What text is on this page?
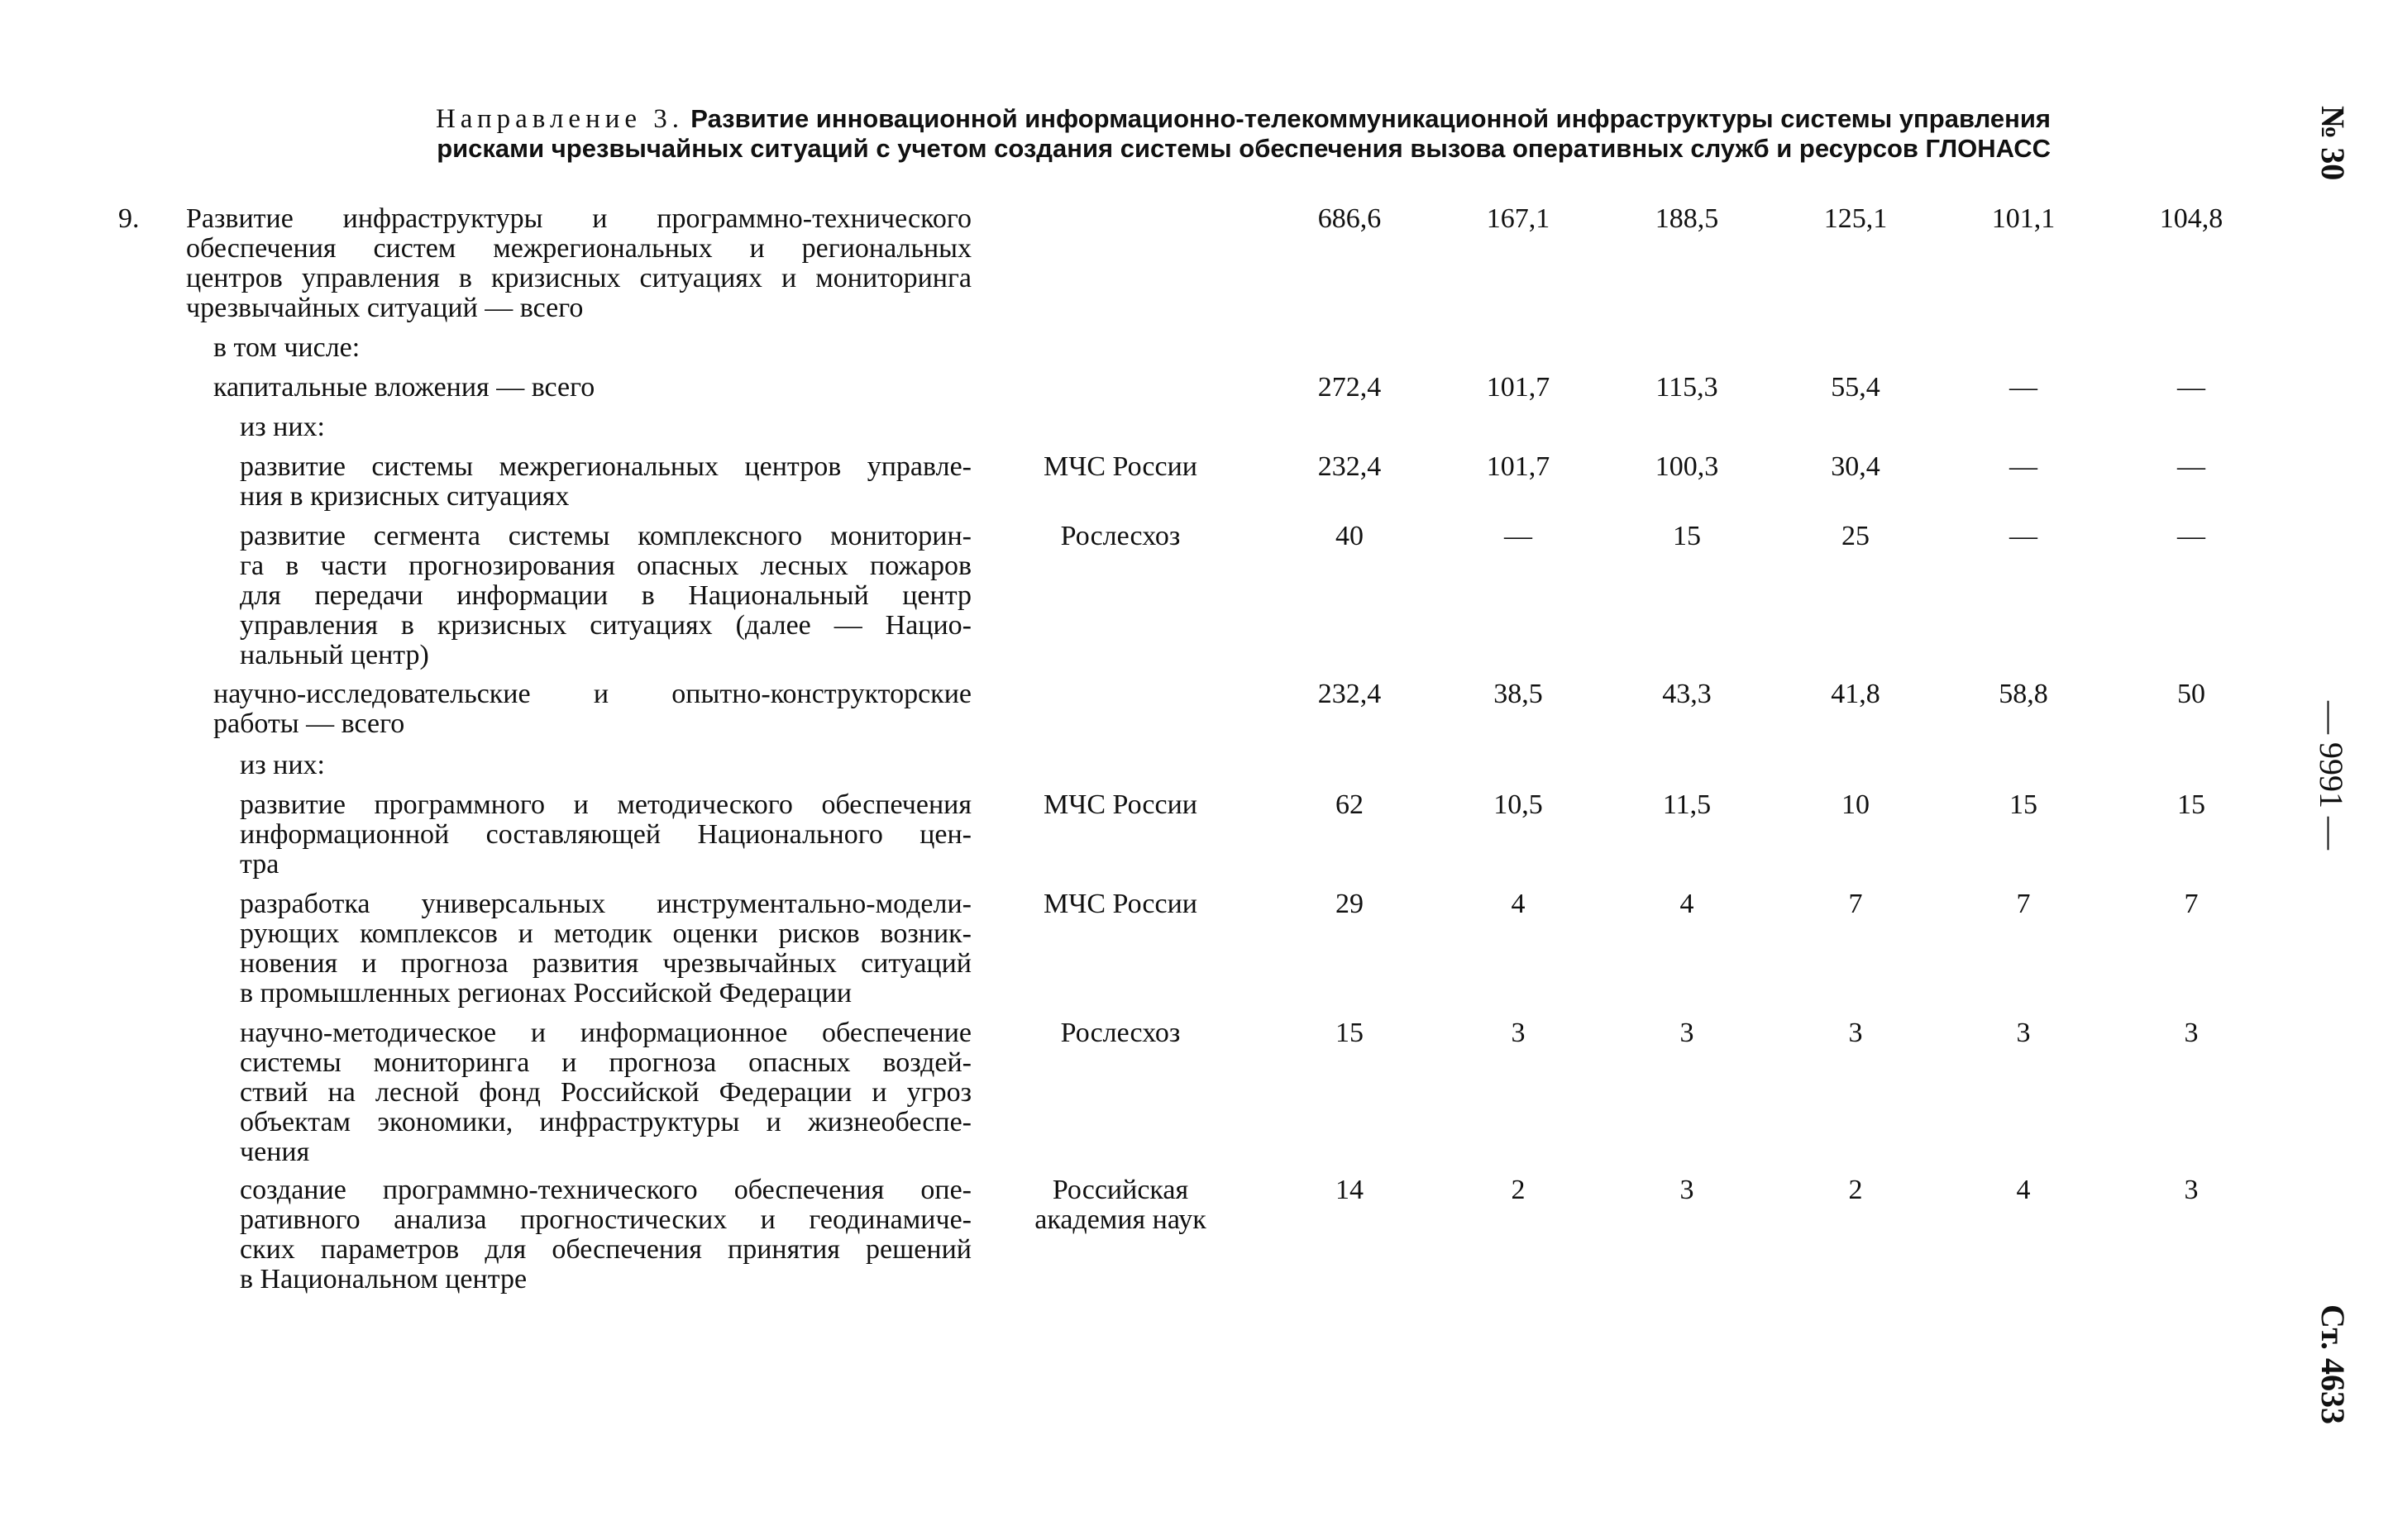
Направление 3. Развитие инновационной информационно-телекоммуникационной инфраструктуры системы управления
рисками чрезвычайных ситуаций с учетом создания системы обеспечения вызова оперативных служб и ресурсов ГЛОНАСС
9. Развитие инфраструктуры и программно-технического
обеспечения систем межрегиональных и региональных
центров управления в кризисных ситуациях и мониторинга
чрезвычайных ситуаций — всего
686,6	167,1	188,5	125,1	101,1	104,8
в том числе:
капитальные вложения — всего	272,4	101,7	115,3	55,4	—	—
из них:
развитие системы межрегиональных центров управле-
ния в кризисных ситуациях
МЧС России	232,4	101,7	100,3	30,4	—	—
развитие сегмента системы комплексного мониторин-
га в части прогнозирования опасных лесных пожаров
для передачи информации в Национальный центр
управления в кризисных ситуациях (далее — Нацио-
нальный центр)
Рослесхоз	40	—	15	25	—	—
научно-исследовательские и опытно-конструкторские
работы — всего
232,4	38,5	43,3	41,8	58,8	50
из них:
развитие программного и методического обеспечения
информационной составляющей Национального цен-
тра
МЧС России	62	10,5	11,5	10	15	15
разработка универсальных инструментально-модели-
рующих комплексов и методик оценки рисков возник-
новения и прогноза развития чрезвычайных ситуаций
в промышленных регионах Российской Федерации
МЧС России	29	4	4	7	7	7
научно-методическое и информационное обеспечение
системы мониторинга и прогноза опасных воздей-
ствий на лесной фонд Российской Федерации и угроз
объектам экономики, инфраструктуры и жизнеобеспе-
чения
Рослесхоз	15	3	3	3	3	3
создание программно-технического обеспечения опе-
ративного анализа прогностических и геодинамиче-
ских параметров для обеспечения принятия решений
в Национальном центре
Российская
академия наук
14	2	3	2	4	3
№ 30
— 9991 —
Ст. 4633
